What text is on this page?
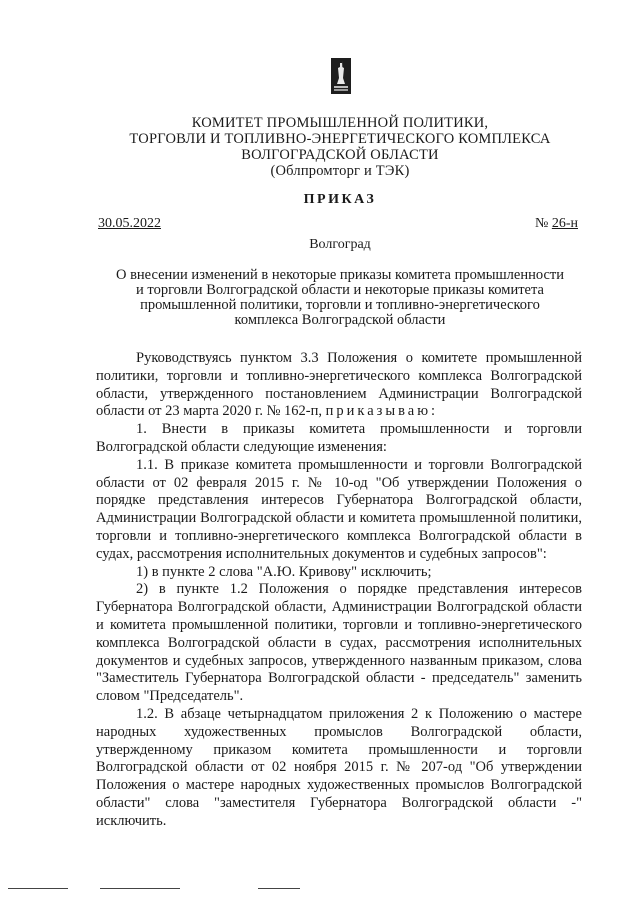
КОМИТЕТ ПРОМЫШЛЕННОЙ ПОЛИТИКИ,
ТОРГОВЛИ И ТОПЛИВНО-ЭНЕРГЕТИЧЕСКОГО КОМПЛЕКСА
ВОЛГОГРАДСКОЙ ОБЛАСТИ
(Облпромторг и ТЭК)
ПРИКАЗ
30.05.2022	№ 26-н
Волгоград
О внесении изменений в некоторые приказы комитета промышленности
и торговли Волгоградской области и некоторые приказы комитета
промышленной политики, торговли и топливно-энергетического
комплекса Волгоградской области

Руководствуясь пунктом 3.3 Положения о комитете промышленной политики, торговли и топливно-энергетического комплекса Волгоградской области, утвержденного постановлением Администрации Волгоградской области от 23 марта 2020 г. № 162-п, приказываю:

1. Внести в приказы комитета промышленности и торговли Волгоградской области следующие изменения:

1.1. В приказе комитета промышленности и торговли Волгоградской области от 02 февраля 2015 г. № 10-од "Об утверждении Положения о порядке представления интересов Губернатора Волгоградской области, Администрации Волгоградской области и комитета промышленной политики, торговли и топливно-энергетического комплекса Волгоградской области в судах, рассмотрения исполнительных документов и судебных запросов":

1) в пункте 2 слова "А.Ю. Кривову" исключить;

2) в пункте 1.2 Положения о порядке представления интересов Губернатора Волгоградской области, Администрации Волгоградской области и комитета промышленной политики, торговли и топливно-энергетического комплекса Волгоградской области в судах, рассмотрения исполнительных документов и судебных запросов, утвержденного названным приказом, слова "Заместитель Губернатора Волгоградской области - председатель" заменить словом "Председатель".

1.2. В абзаце четырнадцатом приложения 2 к Положению о мастере народных художественных промыслов Волгоградской области, утвержденному приказом комитета промышленности и торговли Волгоградской области от 02 ноября 2015 г. № 207-од "Об утверждении Положения о мастере народных художественных промыслов Волгоградской области" слова "заместителя Губернатора Волгоградской области -" исключить.
